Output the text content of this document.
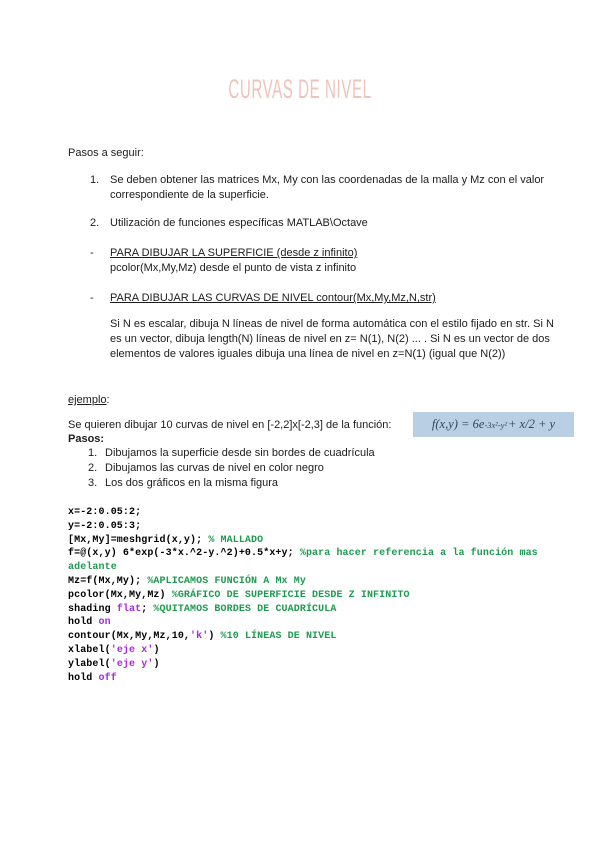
CURVAS DE NIVEL
Pasos a seguir:
1. Se deben obtener las matrices Mx, My con las coordenadas de la malla y Mz con el valor correspondiente de la superficie.
2. Utilización de funciones específicas MATLAB\Octave
-	PARA DIBUJAR LA SUPERFICIE (desde z infinito)
pcolor(Mx,My,Mz) desde el punto de vista z infinito
-	PARA DIBUJAR LAS CURVAS DE NIVEL contour(Mx,My,Mz,N,str)
Si N es escalar, dibuja N líneas de nivel de forma automática con el estilo fijado en str. Si N es un vector, dibuja length(N) líneas de nivel en z= N(1), N(2) ... . Si N es un vector de dos elementos de valores iguales dibuja una línea de nivel en z=N(1) (igual que N(2))
ejemplo:
Se quieren dibujar 10 curvas de nivel en [-2,2]x[-2,3] de la función:	f(x,y) = 6e -3x²-y² + x/2 + y
Pasos:
1. Dibujamos la superficie desde sin bordes de cuadrícula
2. Dibujamos las curvas de nivel en color negro
3. Los dos gráficos en la misma figura
x=-2:0.05:2;
y=-2:0.05:3;
[Mx,My]=meshgrid(x,y); % MALLADO
f=@(x,y) 6*exp(-3*x.^2-y.^2)+0.5*x+y; %para hacer referencia a la función mas adelante
Mz=f(Mx,My); %APLICAMOS FUNCIÓN A Mx My
pcolor(Mx,My,Mz) %GRÁFICO DE SUPERFICIE DESDE Z INFINITO
shading flat; %QUITAMOS BORDES DE CUADRÍCULA
hold on
contour(Mx,My,Mz,10,'k') %10 LÍNEAS DE NIVEL
xlabel('eje x')
ylabel('eje y')
hold off
